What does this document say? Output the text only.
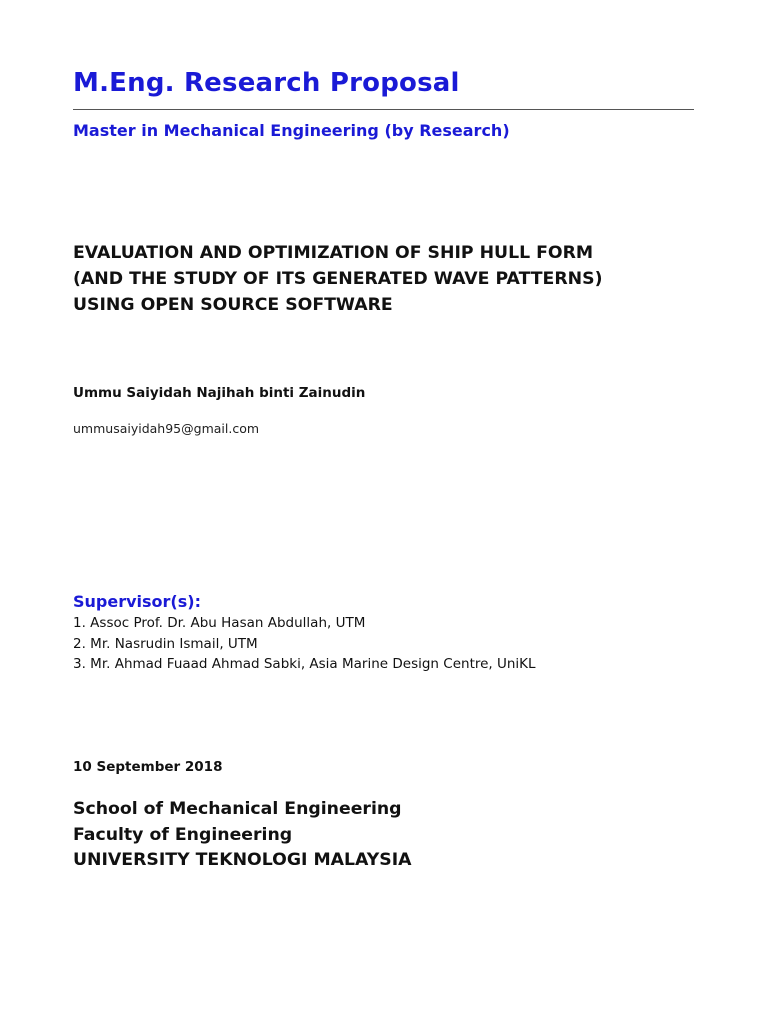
M.Eng. Research Proposal
Master in Mechanical Engineering (by Research)
EVALUATION AND OPTIMIZATION OF SHIP HULL FORM
(AND THE STUDY OF ITS GENERATED WAVE PATTERNS)
USING OPEN SOURCE SOFTWARE
Ummu Saiyidah Najihah binti Zainudin
ummusaiyidah95@gmail.com
Supervisor(s):
1. Assoc Prof. Dr. Abu Hasan Abdullah, UTM
2. Mr. Nasrudin Ismail, UTM
3. Mr. Ahmad Fuaad Ahmad Sabki, Asia Marine Design Centre, UniKL
10 September 2018
School of Mechanical Engineering
Faculty of Engineering
UNIVERSITY TEKNOLOGI MALAYSIA
